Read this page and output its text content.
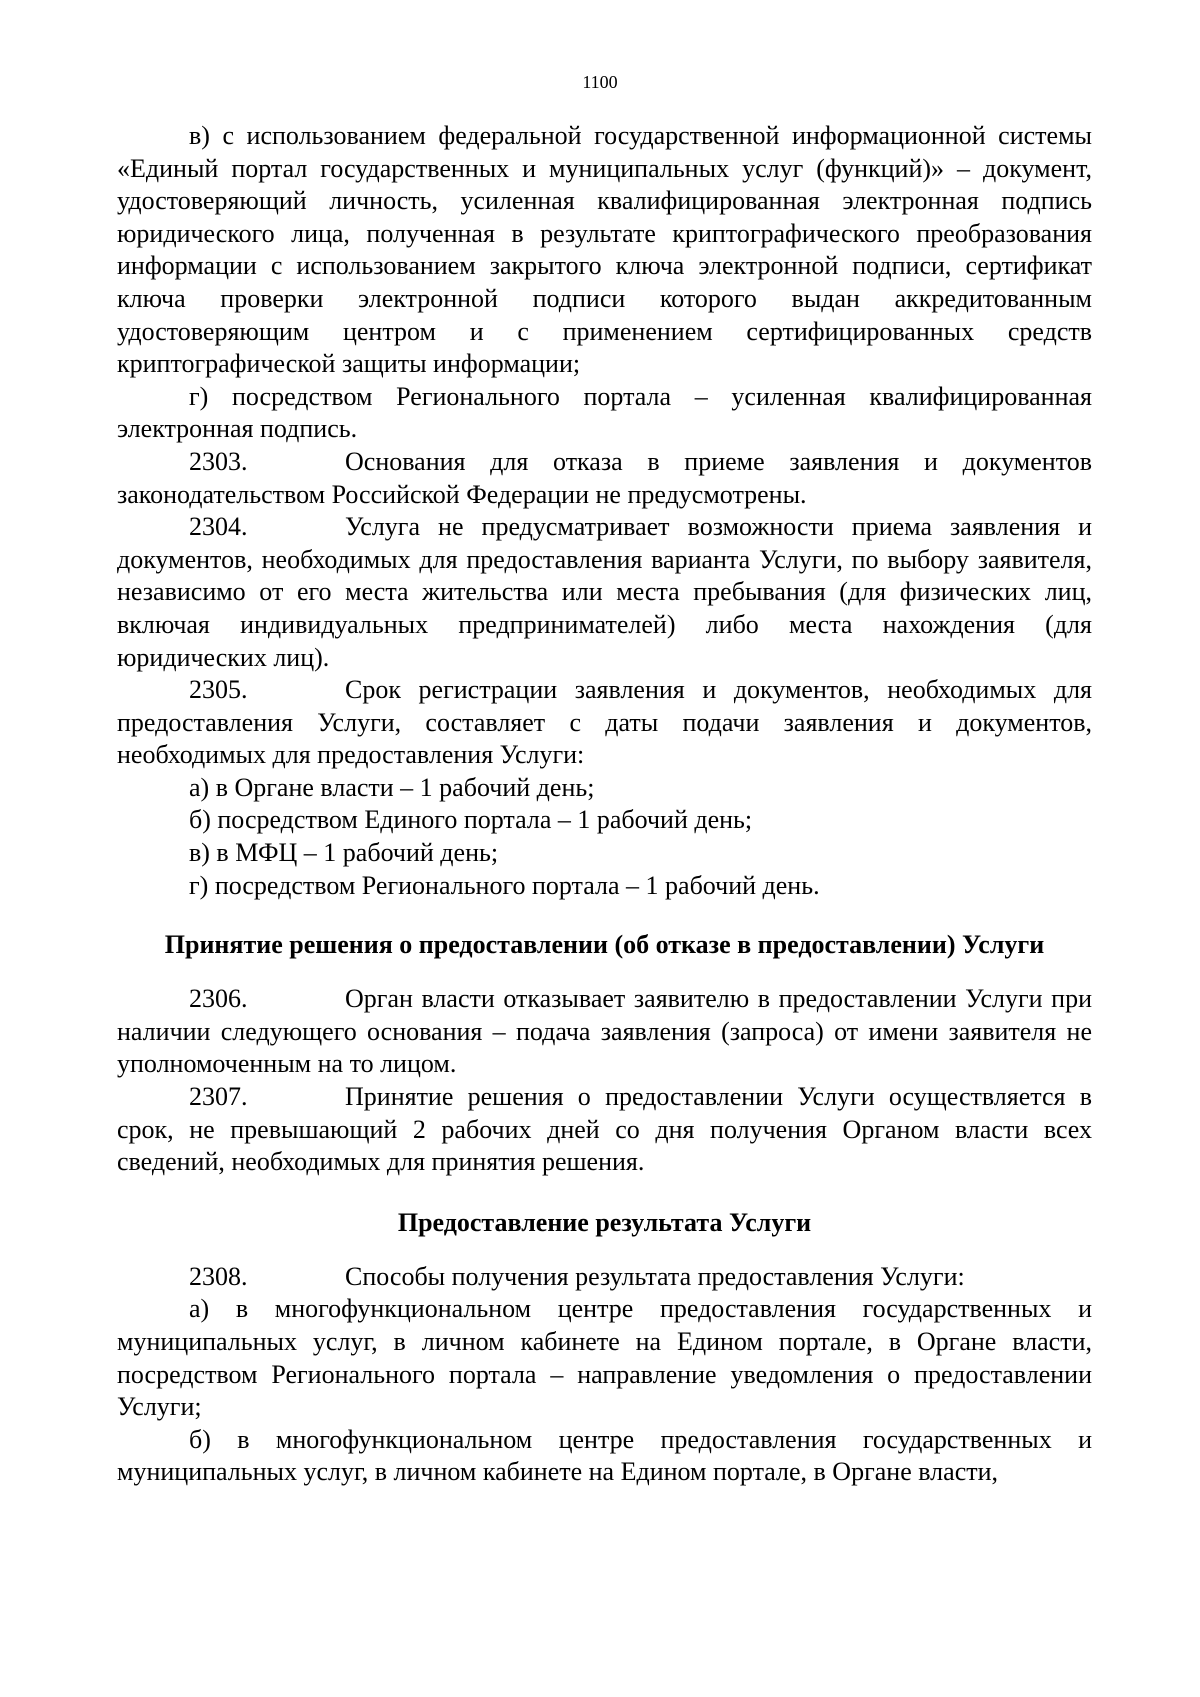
1100

в) с использованием федеральной государственной информационной системы «Единый портал государственных и муниципальных услуг (функций)» – документ, удостоверяющий личность, усиленная квалифицированная электронная подпись юридического лица, полученная в результате криптографического преобразования информации с использованием закрытого ключа электронной подписи, сертификат ключа проверки электронной подписи которого выдан аккредитованным удостоверяющим центром и с применением сертифицированных средств криптографической защиты информации;

г) посредством Регионального портала – усиленная квалифицированная электронная подпись.

2303.	Основания для отказа в приеме заявления и документов законодательством Российской Федерации не предусмотрены.

2304.	Услуга не предусматривает возможности приема заявления и документов, необходимых для предоставления варианта Услуги, по выбору заявителя, независимо от его места жительства или места пребывания (для физических лиц, включая индивидуальных предпринимателей) либо места нахождения (для юридических лиц).

2305.	Срок регистрации заявления и документов, необходимых для предоставления Услуги, составляет с даты подачи заявления и документов, необходимых для предоставления Услуги:

а) в Органе власти – 1 рабочий день;

б) посредством Единого портала – 1 рабочий день;

в) в МФЦ – 1 рабочий день;

г) посредством Регионального портала – 1 рабочий день.

Принятие решения о предоставлении (об отказе в предоставлении) Услуги

2306.	Орган власти отказывает заявителю в предоставлении Услуги при наличии следующего основания – подача заявления (запроса) от имени заявителя не уполномоченным на то лицом.

2307.	Принятие решения о предоставлении Услуги осуществляется в срок, не превышающий 2 рабочих дней со дня получения Органом власти всех сведений, необходимых для принятия решения.

Предоставление результата Услуги

2308.	Способы получения результата предоставления Услуги:

а) в многофункциональном центре предоставления государственных и муниципальных услуг, в личном кабинете на Едином портале, в Органе власти, посредством Регионального портала – направление уведомления о предоставлении Услуги;

б) в многофункциональном центре предоставления государственных и муниципальных услуг, в личном кабинете на Едином портале, в Органе власти,
